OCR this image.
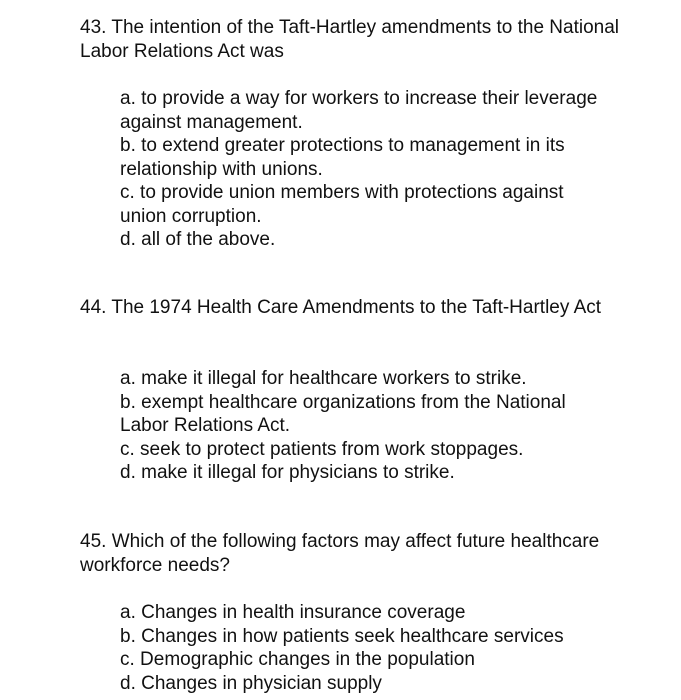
43. The intention of the Taft-Hartley amendments to the National Labor Relations Act was

a. to provide a way for workers to increase their leverage against management.
b. to extend greater protections to management in its relationship with unions.
c. to provide union members with protections against union corruption.
d. all of the above.

44. The 1974 Health Care Amendments to the Taft-Hartley Act

a. make it illegal for healthcare workers to strike.
b. exempt healthcare organizations from the National Labor Relations Act.
c. seek to protect patients from work stoppages.
d. make it illegal for physicians to strike.

45. Which of the following factors may affect future healthcare workforce needs?

a. Changes in health insurance coverage
b. Changes in how patients seek healthcare services
c. Demographic changes in the population
d. Changes in physician supply
